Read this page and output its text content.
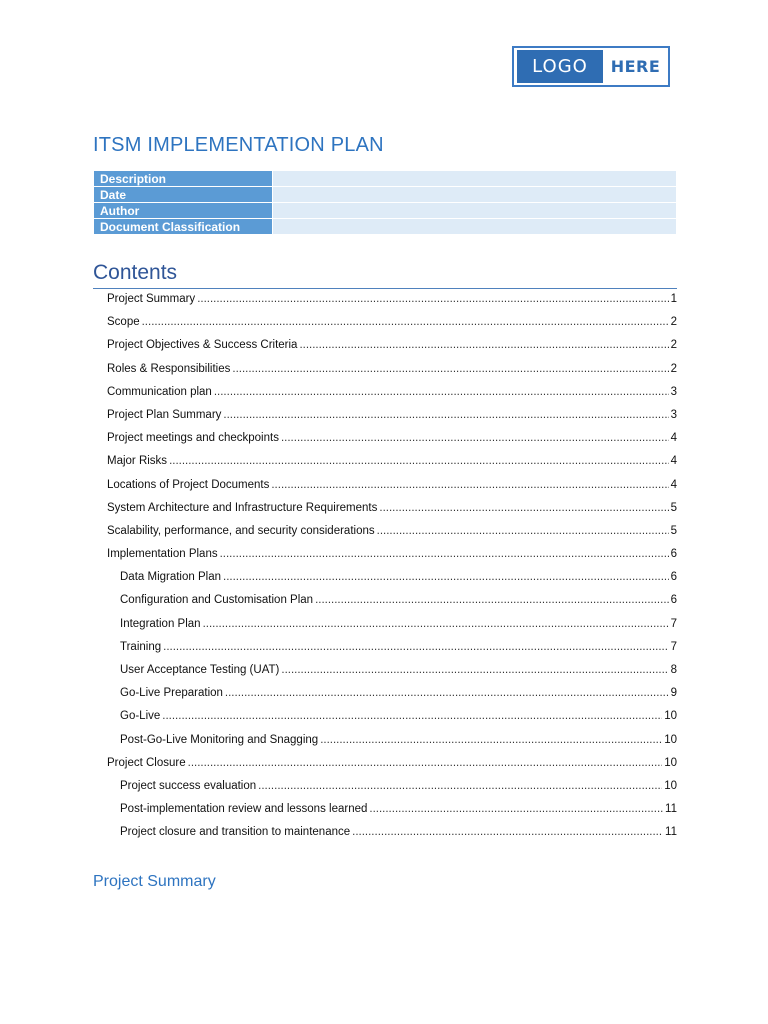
LOGO	HERE
ITSM IMPLEMENTATION PLAN
Description	
Date	
Author	
Document Classification	
Contents
Project Summary .....	1
Scope .....	2
Project Objectives & Success Criteria .....	2
Roles & Responsibilities .....	2
Communication plan .....	3
Project Plan Summary .....	3
Project meetings and checkpoints .....	4
Major Risks .....	4
Locations of Project Documents .....	4
System Architecture and Infrastructure Requirements .....	5
Scalability, performance, and security considerations .....	5
Implementation Plans .....	6
Data Migration Plan .....	6
Configuration and Customisation Plan .....	6
Integration Plan .....	7
Training .....	7
User Acceptance Testing (UAT) .....	8
Go-Live Preparation .....	9
Go-Live .....	10
Post-Go-Live Monitoring and Snagging .....	10
Project Closure .....	10
Project success evaluation .....	10
Post-implementation review and lessons learned .....	11
Project closure and transition to maintenance .....	11
Project Summary
